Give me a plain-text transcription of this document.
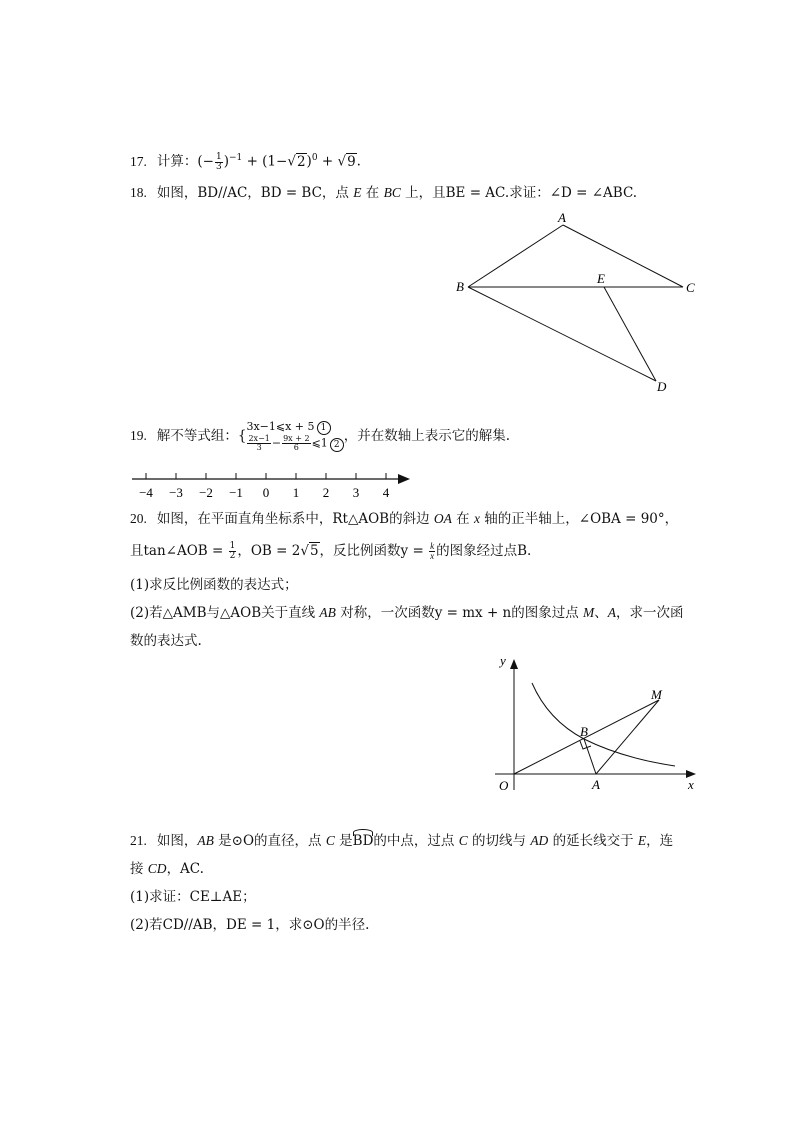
17. 计算：(− $\frac{1}{3} )^{-1} + (1-√2)^0 + √9$.
18. 如图，BD//AC，BD = BC，点 E 在 BC 上，且BE = AC.求证：∠D = ∠ABC.
A
B	C
E
D
19. 解不等式组：{
3x−1⩽x + 5 1
$\frac{2x-1}{3} - \frac{9x + 2}{6}$ ⩽1 2
，并在数轴上表示它的解集.
−4 −3 −2 −1 0 1 2 3 4
20. 如图，在平面直角坐标系中，Rt△AOB的斜边 OA 在 x 轴的正半轴上，∠OBA = 90°，
且tan∠AOB = $\frac{1}{2}$ ，OB = 2√5，反比例函数$y = \frac{k}{x}$ 的图象经过点B.
(1)求反比例函数的表达式；
(2)若△AMB与△AOB关于直线 AB 对称，一次函数y = mx + n的图象过点 M、A，求一次函
数的表达式.
y
x
O	A
B
M
21. 如图，AB 是⊙O的直径，点 C 是
BD的中点，过点 C 的切线与 AD 的延长线交于 E，连
接 CD，AC.
(1)求证：CE⊥AE；
(2)若CD//AB，DE = 1，求⊙O的半径.
